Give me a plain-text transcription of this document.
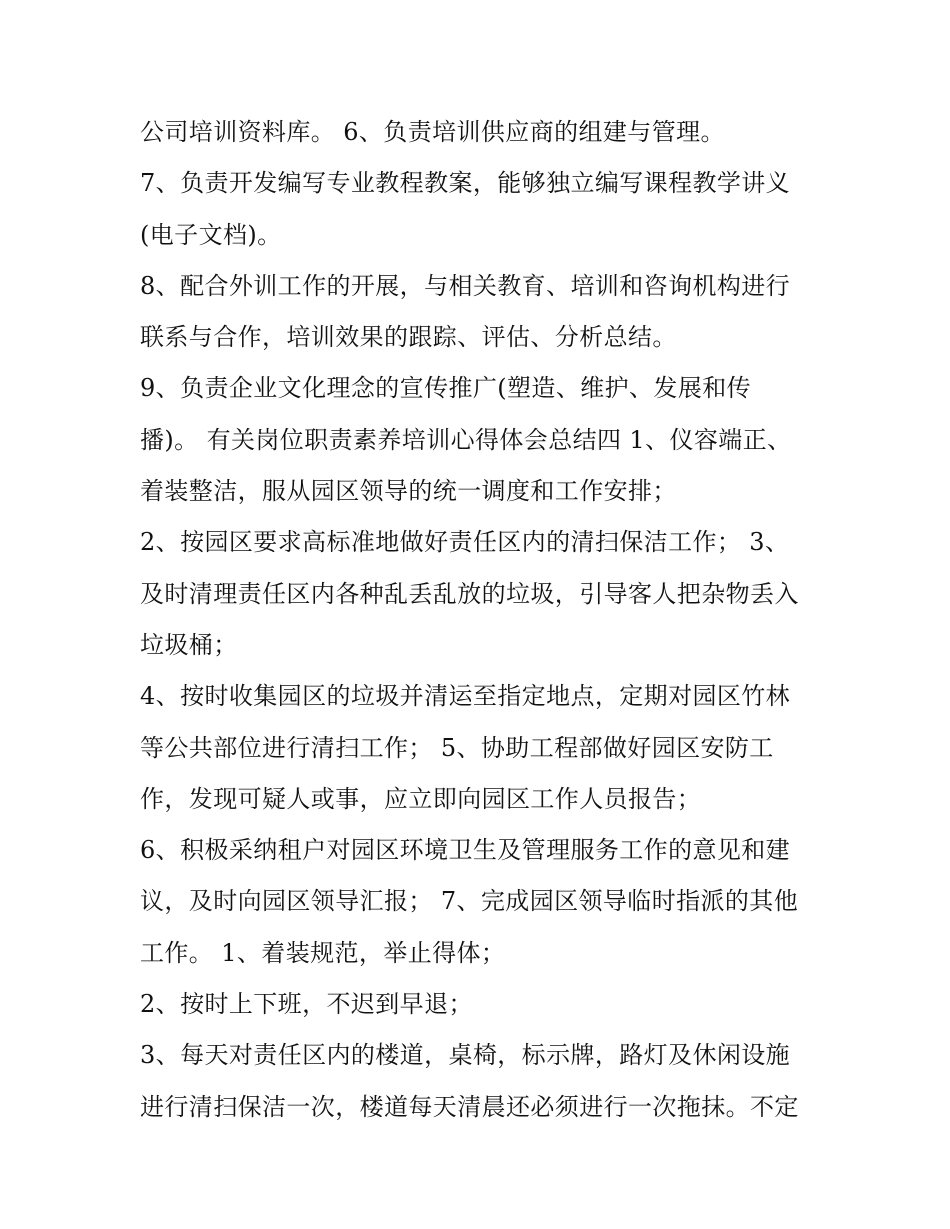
公司培训资料库。 6、负责培训供应商的组建与管理。
7、负责开发编写专业教程教案，能够独立编写课程教学讲义
(电子文档)。
8、配合外训工作的开展，与相关教育、培训和咨询机构进行
联系与合作，培训效果的跟踪、评估、分析总结。
9、负责企业文化理念的宣传推广(塑造、维护、发展和传
播)。 有关岗位职责素养培训心得体会总结四 1、仪容端正、
着装整洁，服从园区领导的统一调度和工作安排；
2、按园区要求高标准地做好责任区内的清扫保洁工作； 3、
及时清理责任区内各种乱丢乱放的垃圾，引导客人把杂物丢入
垃圾桶；
4、按时收集园区的垃圾并清运至指定地点，定期对园区竹林
等公共部位进行清扫工作； 5、协助工程部做好园区安防工
作，发现可疑人或事，应立即向园区工作人员报告；
6、积极采纳租户对园区环境卫生及管理服务工作的意见和建
议，及时向园区领导汇报； 7、完成园区领导临时指派的其他
工作。 1、着装规范，举止得体；
2、按时上下班，不迟到早退；
3、每天对责任区内的楼道，桌椅，标示牌，路灯及休闲设施
进行清扫保洁一次，楼道每天清晨还必须进行一次拖抹。不定
